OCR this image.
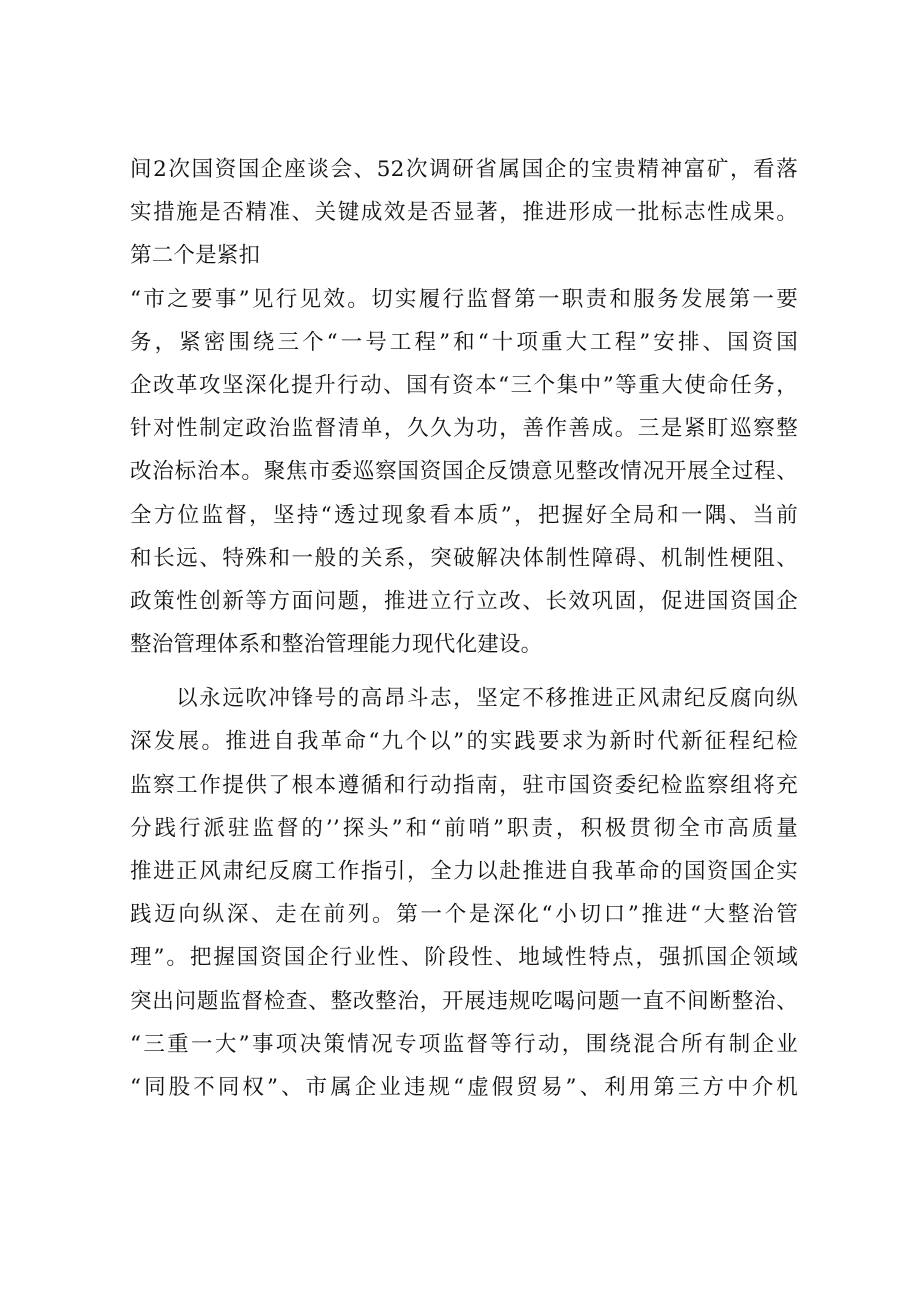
间2次国资国企座谈会、52次调研省属国企的宝贵精神富矿，看落

实措施是否精准、关键成效是否显著，推进形成一批标志性成果。

第二个是紧扣

“市之要事”见行见效。切实履行监督第一职责和服务发展第一要

务，紧密围绕三个“一号工程”和“十项重大工程”安排、国资国

企改革攻坚深化提升行动、国有资本“三个集中”等重大使命任务，

针对性制定政治监督清单，久久为功，善作善成。三是紧盯巡察整

改治标治本。聚焦市委巡察国资国企反馈意见整改情况开展全过程、

全方位监督，坚持“透过现象看本质”，把握好全局和一隅、当前

和长远、特殊和一般的关系，突破解决体制性障碍、机制性梗阻、

政策性创新等方面问题，推进立行立改、长效巩固，促进国资国企

整治管理体系和整治管理能力现代化建设。

　　以永远吹冲锋号的高昂斗志，坚定不移推进正风肃纪反腐向纵

深发展。推进自我革命“九个以”的实践要求为新时代新征程纪检

监察工作提供了根本遵循和行动指南，驻市国资委纪检监察组将充

分践行派驻监督的’’探头”和“前哨”职责，积极贯彻全市高质量

推进正风肃纪反腐工作指引，全力以赴推进自我革命的国资国企实

践迈向纵深、走在前列。第一个是深化“小切口”推进“大整治管

理”。把握国资国企行业性、阶段性、地域性特点，强抓国企领域

突出问题监督检查、整改整治，开展违规吃喝问题一直不间断整治、

“三重一大”事项决策情况专项监督等行动，围绕混合所有制企业

“同股不同权”、市属企业违规“虚假贸易”、利用第三方中介机
